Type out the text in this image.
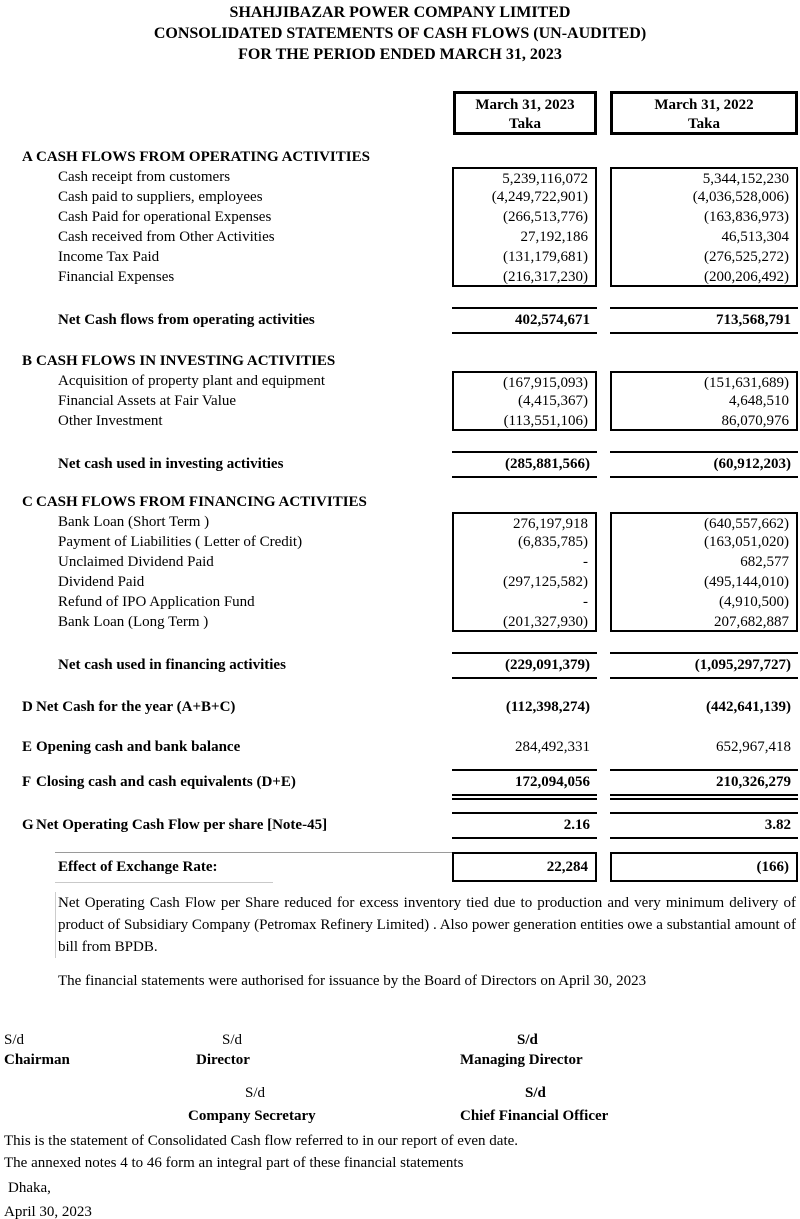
SHAHJIBAZAR POWER COMPANY LIMITED
CONSOLIDATED STATEMENTS OF CASH FLOWS (UN-AUDITED)
FOR THE PERIOD ENDED MARCH 31, 2023
March 31, 2023
Taka
March 31, 2022
Taka
A CASH FLOWS FROM OPERATING ACTIVITIES
Cash receipt from customers	5,239,116,072	5,344,152,230
Cash paid to suppliers, employees	(4,249,722,901)	(4,036,528,006)
Cash Paid for operational Expenses	(266,513,776)	(163,836,973)
Cash received from Other Activities	27,192,186	46,513,304
Income Tax Paid	(131,179,681)	(276,525,272)
Financial Expenses	(216,317,230)	(200,206,492)
Net Cash flows from operating activities	402,574,671	713,568,791
B CASH FLOWS IN INVESTING ACTIVITIES
Acquisition of property plant and equipment	(167,915,093)	(151,631,689)
Financial Assets at Fair Value	(4,415,367)	4,648,510
Other Investment	(113,551,106)	86,070,976
Net cash used in investing activities	(285,881,566)	(60,912,203)
C CASH FLOWS FROM FINANCING ACTIVITIES
Bank Loan (Short Term )	276,197,918	(640,557,662)
Payment of Liabilities ( Letter of Credit)	(6,835,785)	(163,051,020)
Unclaimed Dividend Paid	-	682,577
Dividend Paid	(297,125,582)	(495,144,010)
Refund of IPO Application Fund	-	(4,910,500)
Bank Loan (Long Term )	(201,327,930)	207,682,887
Net cash used in financing activities	(229,091,379)	(1,095,297,727)
D Net Cash for the year (A+B+C)	(112,398,274)	(442,641,139)
E Opening cash and bank balance	284,492,331	652,967,418
F Closing cash and cash equivalents (D+E)	172,094,056	210,326,279
G Net Operating Cash Flow per share [Note-45]	2.16	3.82
Effect of Exchange Rate:	22,284	(166)
Net Operating Cash Flow per Share reduced for excess inventory tied due to production and very minimum delivery of product of Subsidiary Company (Petromax Refinery Limited) . Also power generation entities owe a substantial amount of bill from BPDB.
The financial statements were authorised for issuance by the Board of Directors on April 30, 2023
S/d	S/d	S/d
Chairman	Director	Managing Director
S/d	S/d
Company Secretary	Chief Financial Officer
This is the statement of Consolidated Cash flow referred to in our report of even date.
The annexed notes 4 to 46 form an integral part of these financial statements
Dhaka,
April 30, 2023
